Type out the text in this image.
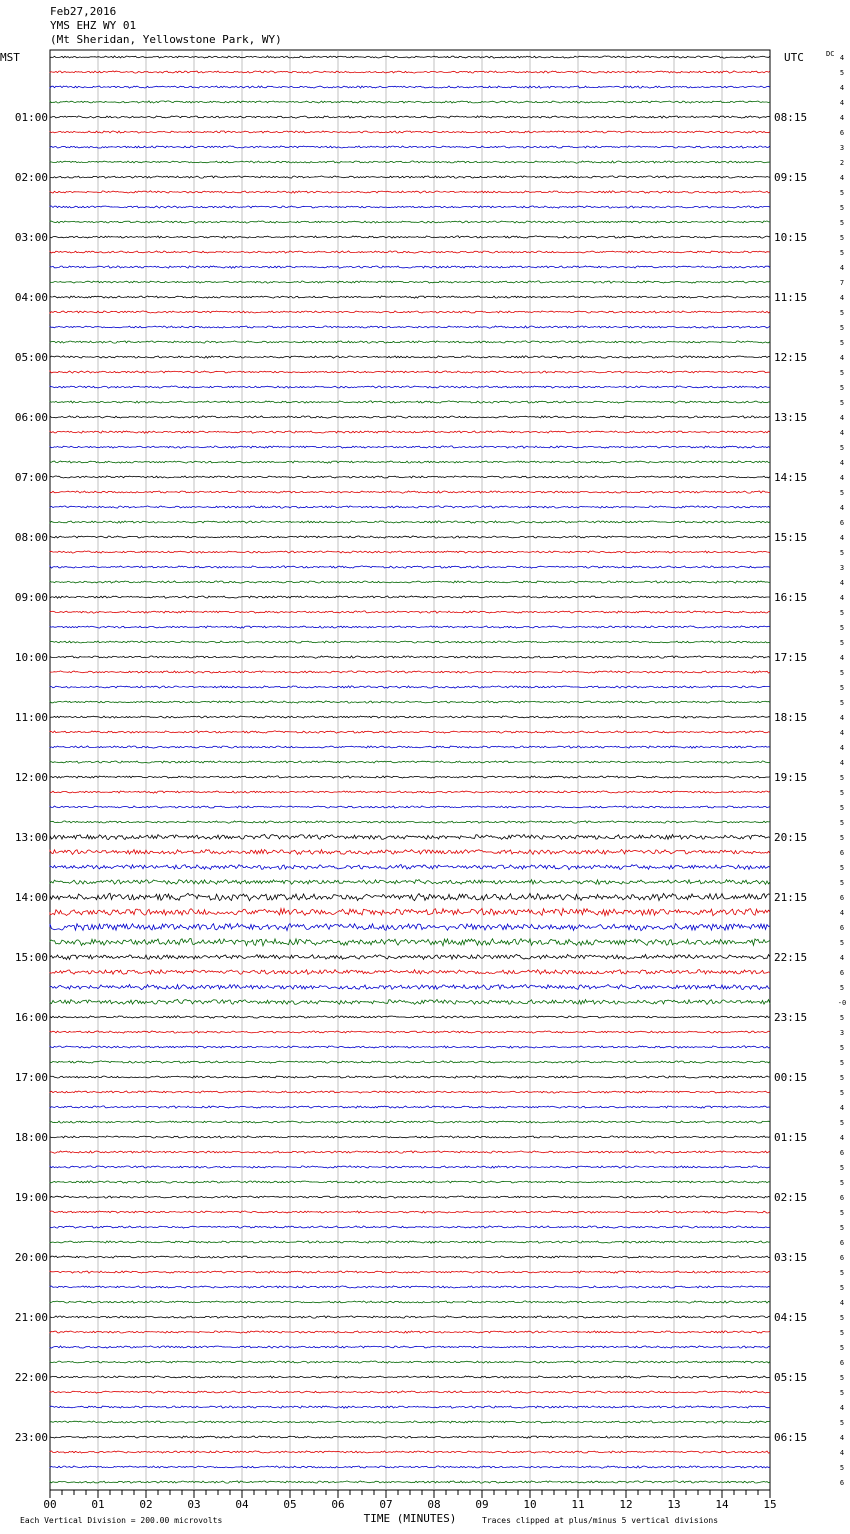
Feb27,2016
YMS EHZ WY 01
(Mt Sheridan, Yellowstone Park, WY)
MST	UTC	DC
TIME (MINUTES)
Each Vertical Division = 200.00 microvolts	Traces clipped at plus/minus 5 vertical divisions
01:00
02:00
03:00
04:00
05:00
06:00
07:00
08:00
09:00
10:00
11:00
12:00
13:00
14:00
15:00
16:00
17:00
18:00
19:00
20:00
21:00
22:00
23:00
08:15
09:15
10:15
11:15
12:15
13:15
14:15
15:15
16:15
17:15
18:15
19:15
20:15
21:15
22:15
23:15
00:15
01:15
02:15
03:15
04:15
05:15
06:15
4
5
4
4
4
6
3
2
4
5
5
5
5
5
4
7
4
5
5
5
4
5
5
5
4
4
5
4
4
5
4
6
4
5
3
4
4
5
5
5
4
5
5
5
4
4
4
4
5
5
5
5
5
6
5
5
6
4
6
5
4
6
5
-0
5
3
5
5
5
5
4
5
4
6
5
5
6
5
5
6
6
5
5
4
5
5
5
6
5
5
4
5
4
4
5
6
00	01	02	03	04	05	06	07	08	09	10	11	12	13	14	15
